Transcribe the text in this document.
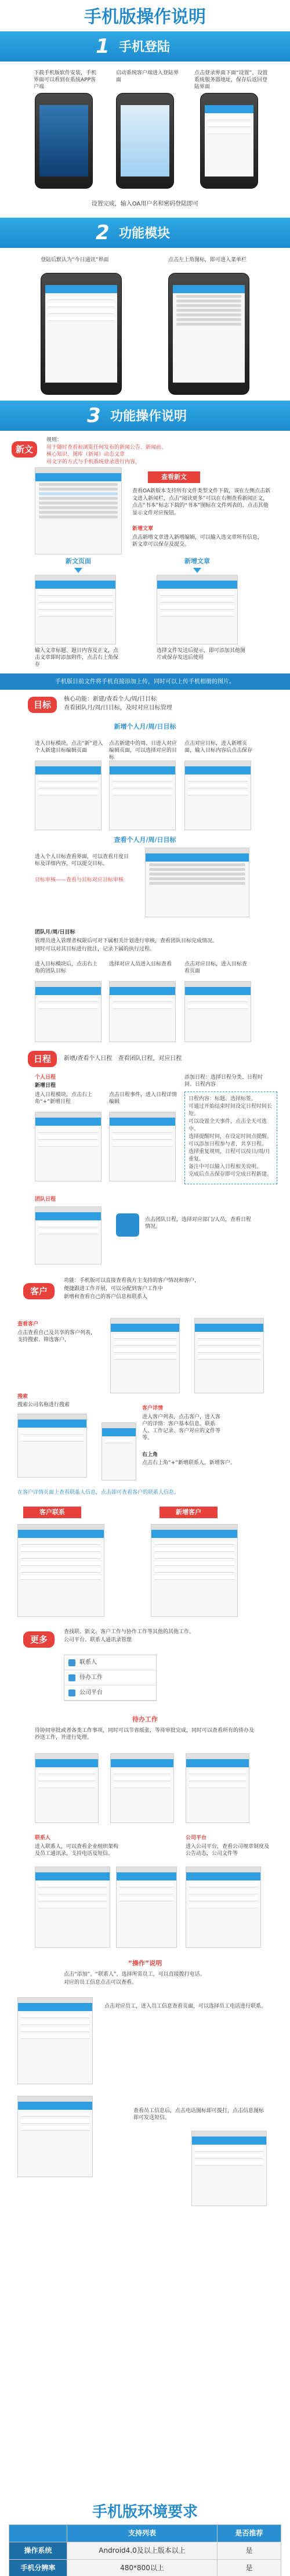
手机版操作说明
1 手机登陆
下载手机版软件安装，手机界面可以看到在系统APP客户端
启动系统客户端进入登陆界面
点击登录界面下面“设置”，设置系统服务器地址，保存后返回登陆界面
设置完成，输入OA用户名和密码登陆即可
2 功能模块
登陆后默认为“今日通讯”界面	点击左上角图标，即可进入菜单栏
3 功能操作说明
新文
规则：
用于随时查看和浏览任何发布的新闻公告、新闻前、
核心知识、图库（新闻）动态文章
用文字的方式与手机系统登录进行内容，
查看新文
查看OA新版本支持所有文件类型文件下载，该在左侧点击新文进入新闻栏，点击“阅读更多”可以在右侧查看新闻正文，点击“书本”标志下载的“书本”图标在文件列表的，点击其他显示文件对应按钮。
新增文章
点击新增文章进入新增编辑，可以输入选文章所有信息，新文章可以保存及提交。
新文页面	新增文章
输入文章标题、题目内容及正文，点击文章即时添加附件，点击右上角保存
选择文件发送后提示，即可添加其他图片或保存发送后使用
手机版目前文件将手机直接添加上传，同时可以上传手机相册的图片。
目标
核心功能：新建/查看个人/周/日目标
查看团队月/周/日目标，及时对应目标管理
新增个人月/周/日目标
进入目标模块，点击“新”进入个人新建目标编辑页面
点击新建中的周、日进入对应编辑页面，可以选择对应的目标
点击对应目标，进入新增页面，输入目标内容后点击保存
查看个人月/周/日目标
进入个人目标查看界面，可以查看月度目标及详细内容，可以提交目标。
目标审核——查看与目标对应目标审核
团队月/周/日目标
管理员进入管理者权限后可对下属相关计划进行审核，查看团队目标完成情况。
同时可以对其目标进行批注，记录下属的执行过程。
进入目标模块后，点击右上角的团队目标
选择对应人员进入目标查看	点击对应目标，进入目标查看页面
日程	新增/查看个人日程　查看团队日程，对应日程
个人日程
新增日程
进入日程模块，点击右上角“+”新增日程
点击日程事件，进入日程详情编辑
添加日程：选择日程分类、日程时间、日程内容
日程内容：标题、选择标签。
可通过开始结束时间设定日程时间长短。
可以设置全天事件，点击全天可选中。
选择提醒时间，在设定时间点提醒。
可以添加日程参与者，共享日程。
选择重复规则，日程可以按日/周/月重复。
备注中可以输入日程相关说明。
完成后点击保存即可完成日程新建。
团队日程
点击团队日程，选择对应部门/人员，查看日程情况。
客户
功能：手机版可以直接查看我方主支持的客户情况和客户，
便捷跟进工作开展，可以分配到客户工作中
新增和查看自己的客户信息和联系人
查看客户
点击查看自己及共享的客户列表，支持搜索、筛选客户，
搜索
搜索公司名称进行搜索
客户详情
进入客户列表，点击客户，进入客户的详情：客户基本信息、联系人、工作记录、客户对应的文件等等。
右上角
点击右上角“+”新增联系人，新增客户。
在客户详情页面上查看联系人信息，点击即可查看客户的联系人信息。
客户联系	新增客户
更多
查找联、新文、客户工作与协作工作等其他的其他工作。
公司平台、联系人通讯录管理
联系人
待办工作
公司平台
待办工作
待协同审批或者各类工作事项，同时可以节省纸张，等待审批完成，同时可以查看所有的待办及抄送工作，并进行处理。
联系人
进入联系人，可以查看企业组织架构及员工通讯录，支持电话及短信。
公司平台
进入公司平台，查看公司规章制度及公告动态，公司文件等
“操作”说明
点击“添加”、“联系人”，选择所需员工，可以直接拨打电话。
对应的员工信息点击可以查看。
点击对应员工，进入员工信息查看页面，可以选择员工电话进行联系。
查看员工信息后，点击电话图标即可拨打，点击信息图标即可发送短信。
手机版环境要求
	支持列表	是否推荐
操作系统	Android4.0及以上版本以上	是
手机分辨率	480*800以上	是
